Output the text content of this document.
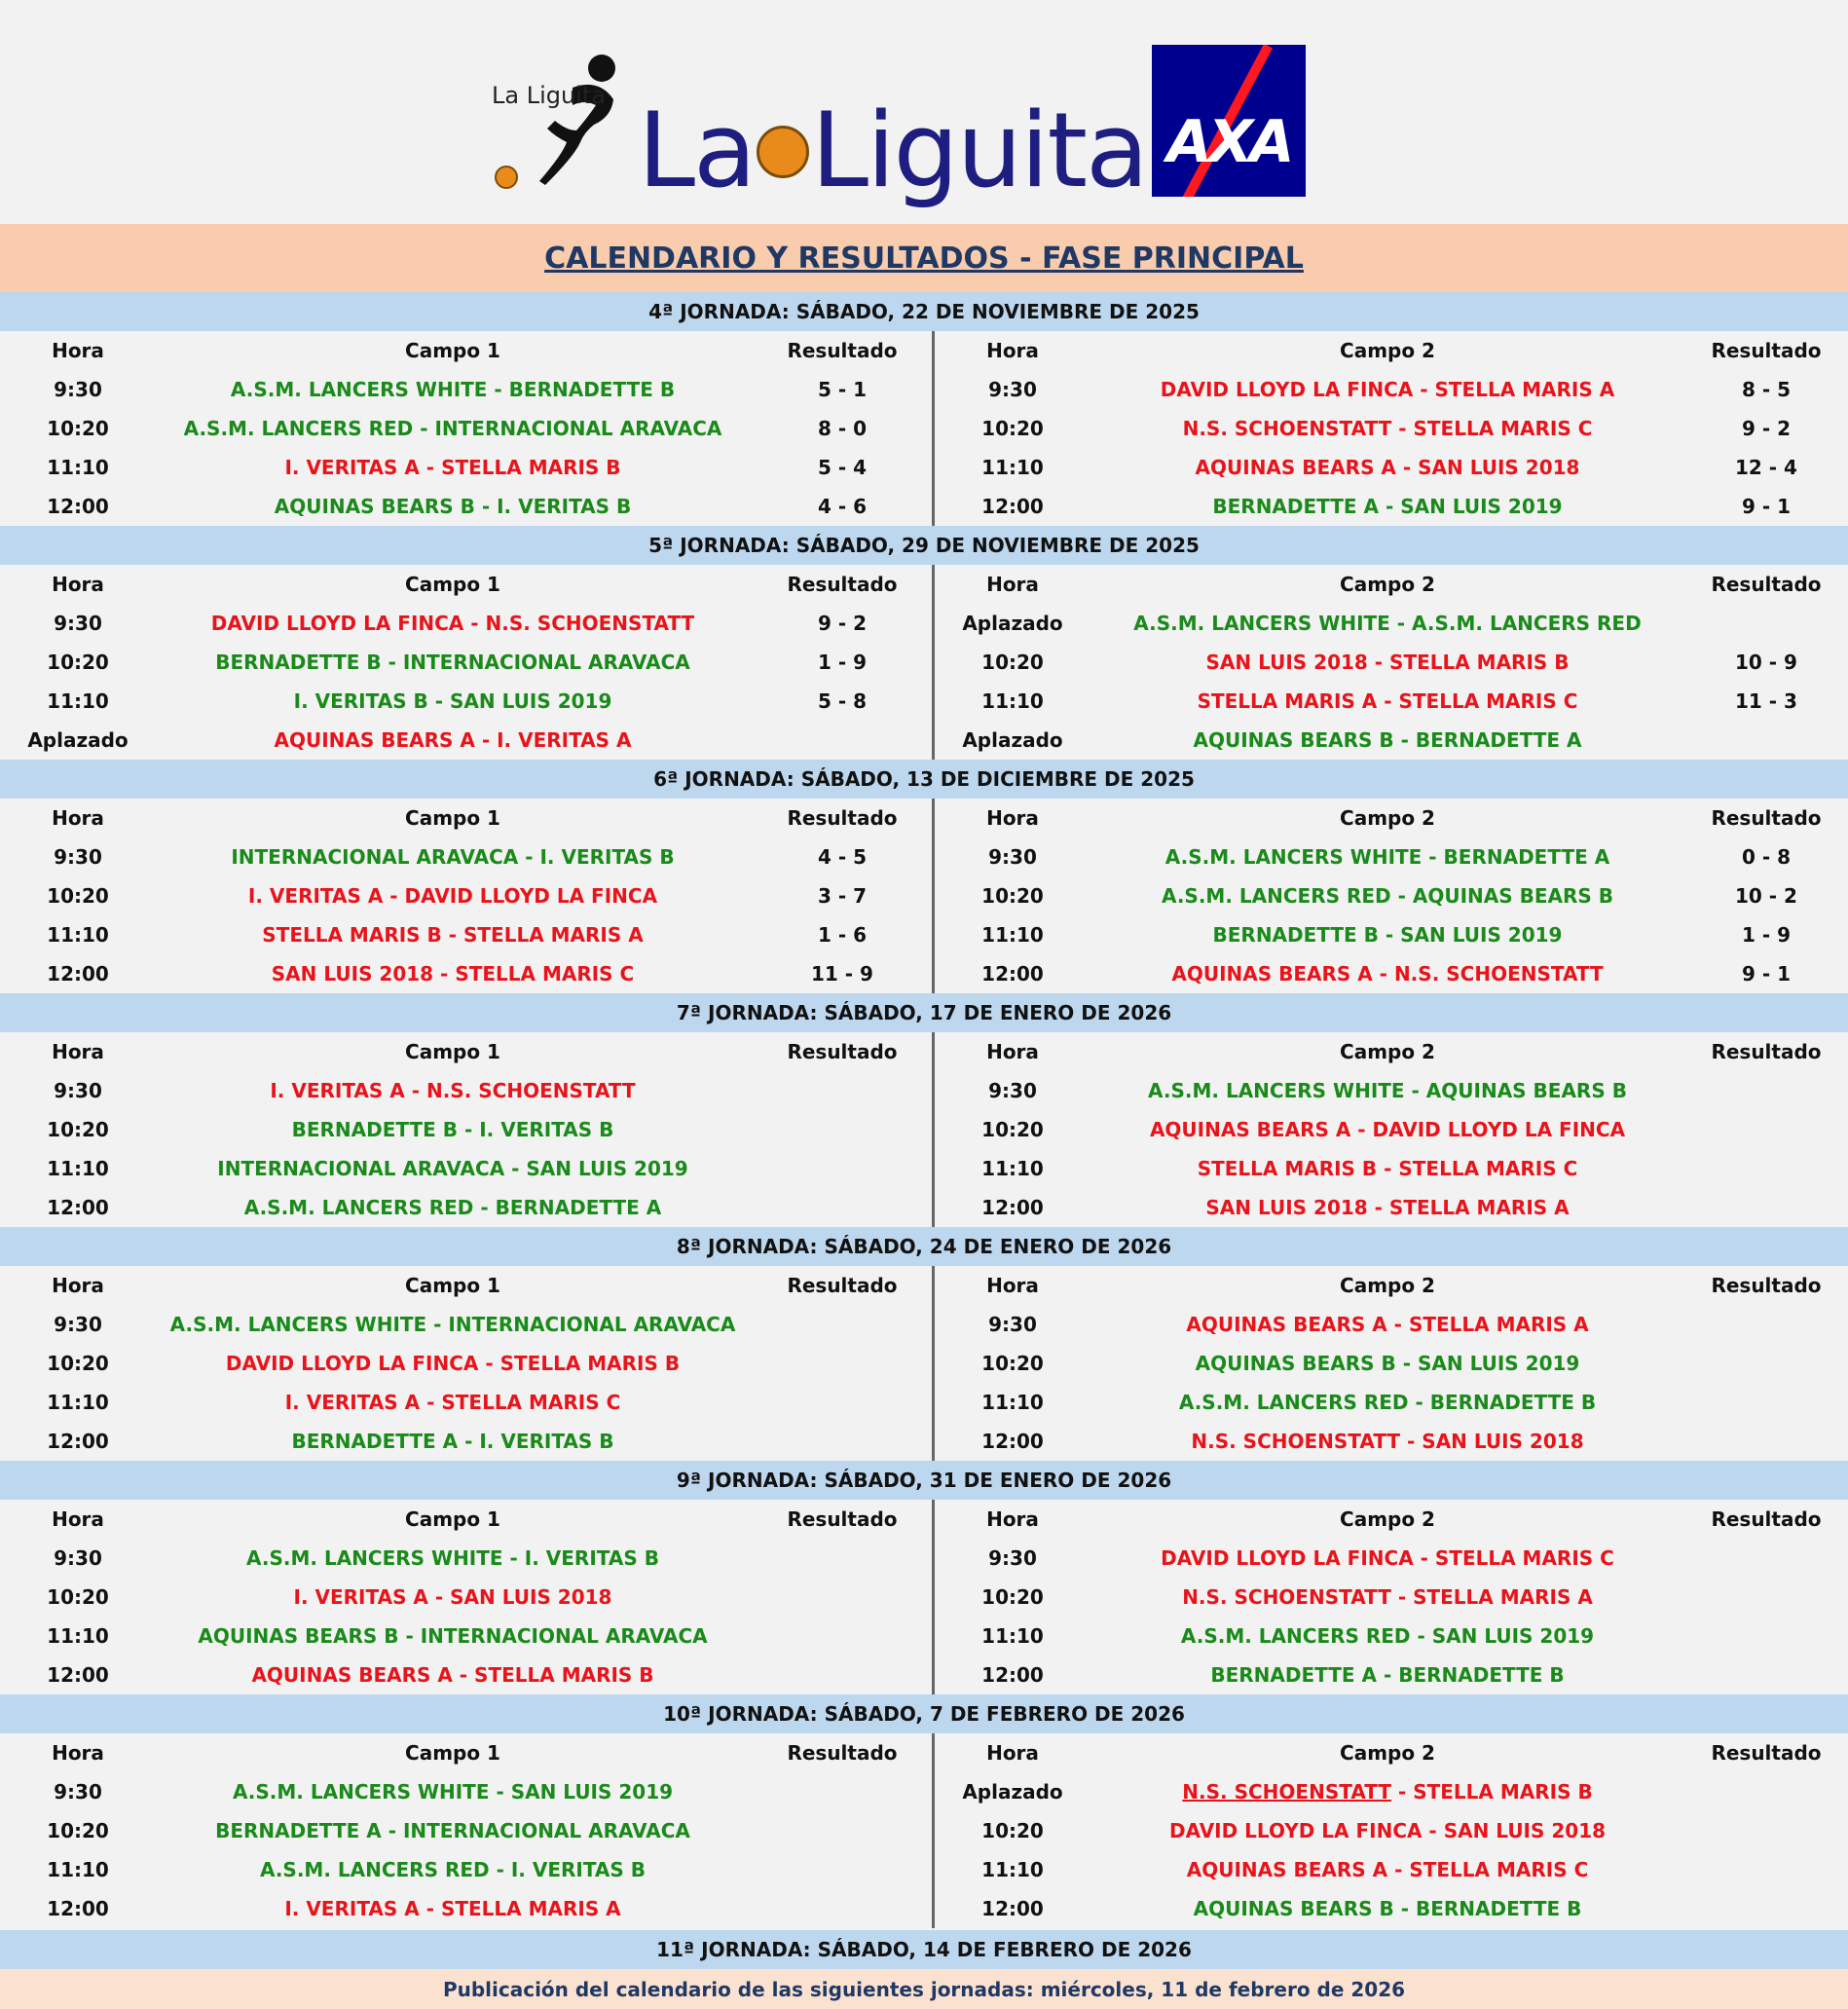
La Liguita La Liguita AXA
CALENDARIO Y RESULTADOS - FASE PRINCIPAL
4ª JORNADA: SÁBADO, 22 DE NOVIEMBRE DE 2025
Hora	Campo 1	Resultado	Hora	Campo 2	Resultado
9:30	A.S.M. LANCERS WHITE - BERNADETTE B	5 - 1	9:30	DAVID LLOYD LA FINCA - STELLA MARIS A	8 - 5
10:20	A.S.M. LANCERS RED - INTERNACIONAL ARAVACA	8 - 0	10:20	N.S. SCHOENSTATT - STELLA MARIS C	9 - 2
11:10	I. VERITAS A - STELLA MARIS B	5 - 4	11:10	AQUINAS BEARS A - SAN LUIS 2018	12 - 4
12:00	AQUINAS BEARS B - I. VERITAS B	4 - 6	12:00	BERNADETTE A - SAN LUIS 2019	9 - 1
5ª JORNADA: SÁBADO, 29 DE NOVIEMBRE DE 2025
Hora	Campo 1	Resultado	Hora	Campo 2	Resultado
9:30	DAVID LLOYD LA FINCA - N.S. SCHOENSTATT	9 - 2	Aplazado	A.S.M. LANCERS WHITE - A.S.M. LANCERS RED
10:20	BERNADETTE B - INTERNACIONAL ARAVACA	1 - 9	10:20	SAN LUIS 2018 - STELLA MARIS B	10 - 9
11:10	I. VERITAS B - SAN LUIS 2019	5 - 8	11:10	STELLA MARIS A - STELLA MARIS C	11 - 3
Aplazado	AQUINAS BEARS A - I. VERITAS A	Aplazado	AQUINAS BEARS B - BERNADETTE A
6ª JORNADA: SÁBADO, 13 DE DICIEMBRE DE 2025
Hora	Campo 1	Resultado	Hora	Campo 2	Resultado
9:30	INTERNACIONAL ARAVACA - I. VERITAS B	4 - 5	9:30	A.S.M. LANCERS WHITE - BERNADETTE A	0 - 8
10:20	I. VERITAS A - DAVID LLOYD LA FINCA	3 - 7	10:20	A.S.M. LANCERS RED - AQUINAS BEARS B	10 - 2
11:10	STELLA MARIS B - STELLA MARIS A	1 - 6	11:10	BERNADETTE B - SAN LUIS 2019	1 - 9
12:00	SAN LUIS 2018 - STELLA MARIS C	11 - 9	12:00	AQUINAS BEARS A - N.S. SCHOENSTATT	9 - 1
7ª JORNADA: SÁBADO, 17 DE ENERO DE 2026
Hora	Campo 1	Resultado	Hora	Campo 2	Resultado
9:30	I. VERITAS A - N.S. SCHOENSTATT	9:30	A.S.M. LANCERS WHITE - AQUINAS BEARS B
10:20	BERNADETTE B - I. VERITAS B	10:20	AQUINAS BEARS A - DAVID LLOYD LA FINCA
11:10	INTERNACIONAL ARAVACA - SAN LUIS 2019	11:10	STELLA MARIS B - STELLA MARIS C
12:00	A.S.M. LANCERS RED - BERNADETTE A	12:00	SAN LUIS 2018 - STELLA MARIS A
8ª JORNADA: SÁBADO, 24 DE ENERO DE 2026
Hora	Campo 1	Resultado	Hora	Campo 2	Resultado
9:30	A.S.M. LANCERS WHITE - INTERNACIONAL ARAVACA	9:30	AQUINAS BEARS A - STELLA MARIS A
10:20	DAVID LLOYD LA FINCA - STELLA MARIS B	10:20	AQUINAS BEARS B - SAN LUIS 2019
11:10	I. VERITAS A - STELLA MARIS C	11:10	A.S.M. LANCERS RED - BERNADETTE B
12:00	BERNADETTE A - I. VERITAS B	12:00	N.S. SCHOENSTATT - SAN LUIS 2018
9ª JORNADA: SÁBADO, 31 DE ENERO DE 2026
Hora	Campo 1	Resultado	Hora	Campo 2	Resultado
9:30	A.S.M. LANCERS WHITE - I. VERITAS B	9:30	DAVID LLOYD LA FINCA - STELLA MARIS C
10:20	I. VERITAS A - SAN LUIS 2018	10:20	N.S. SCHOENSTATT - STELLA MARIS A
11:10	AQUINAS BEARS B - INTERNACIONAL ARAVACA	11:10	A.S.M. LANCERS RED - SAN LUIS 2019
12:00	AQUINAS BEARS A - STELLA MARIS B	12:00	BERNADETTE A - BERNADETTE B
10ª JORNADA: SÁBADO, 7 DE FEBRERO DE 2026
Hora	Campo 1	Resultado	Hora	Campo 2	Resultado
9:30	A.S.M. LANCERS WHITE - SAN LUIS 2019	Aplazado	N.S. SCHOENSTATT - STELLA MARIS B
10:20	BERNADETTE A - INTERNACIONAL ARAVACA	10:20	DAVID LLOYD LA FINCA - SAN LUIS 2018
11:10	A.S.M. LANCERS RED - I. VERITAS B	11:10	AQUINAS BEARS A - STELLA MARIS C
12:00	I. VERITAS A - STELLA MARIS A	12:00	AQUINAS BEARS B - BERNADETTE B
11ª JORNADA: SÁBADO, 14 DE FEBRERO DE 2026
Publicación del calendario de las siguientes jornadas: miércoles, 11 de febrero de 2026
